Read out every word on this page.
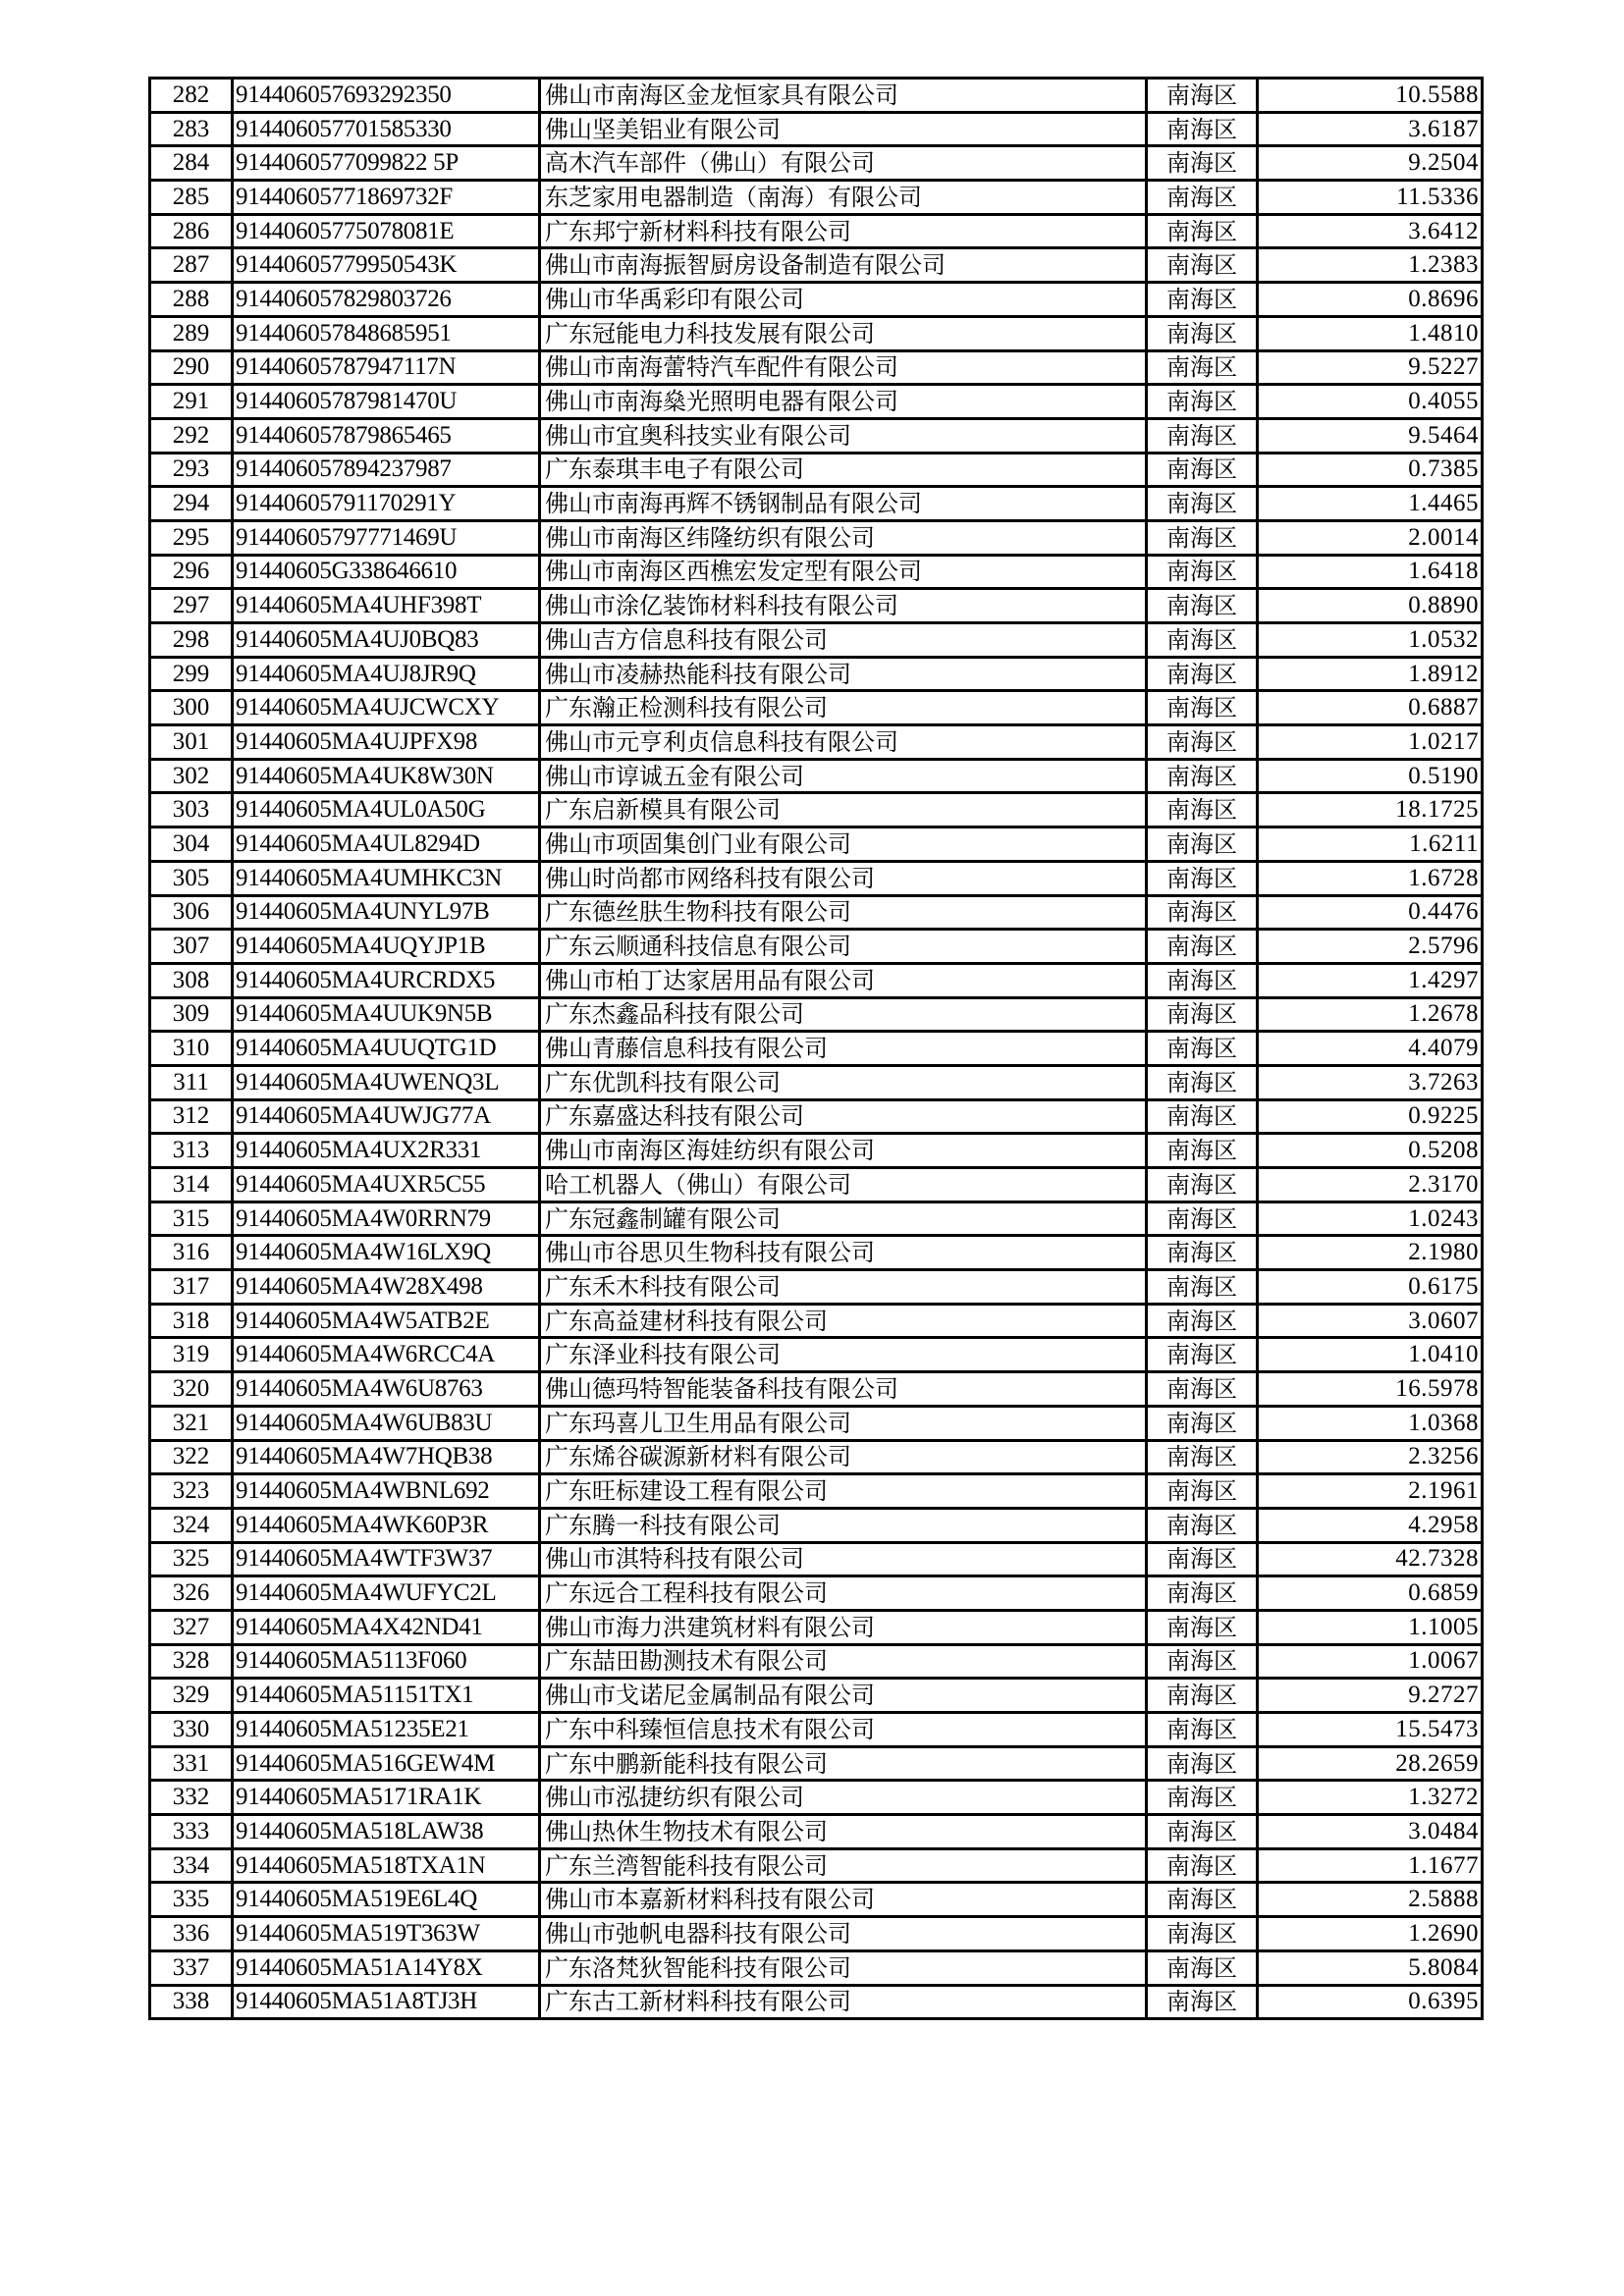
282	914406057693292350	佛山市南海区金龙恒家具有限公司	南海区	10.5588
283	914406057701585330	佛山坚美铝业有限公司	南海区	3.6187
284	9144060577099822 5P	高木汽车部件（佛山）有限公司	南海区	9.2504
285	91440605771869732F	东芝家用电器制造（南海）有限公司	南海区	11.5336
286	91440605775078081E	广东邦宁新材料科技有限公司	南海区	3.6412
287	91440605779950543K	佛山市南海振智厨房设备制造有限公司	南海区	1.2383
288	914406057829803726	佛山市华禹彩印有限公司	南海区	0.8696
289	914406057848685951	广东冠能电力科技发展有限公司	南海区	1.4810
290	91440605787947117N	佛山市南海蕾特汽车配件有限公司	南海区	9.5227
291	91440605787981470U	佛山市南海燊光照明电器有限公司	南海区	0.4055
292	914406057879865465	佛山市宜奥科技实业有限公司	南海区	9.5464
293	914406057894237987	广东泰琪丰电子有限公司	南海区	0.7385
294	91440605791170291Y	佛山市南海再辉不锈钢制品有限公司	南海区	1.4465
295	91440605797771469U	佛山市南海区纬隆纺织有限公司	南海区	2.0014
296	91440605G338646610	佛山市南海区西樵宏发定型有限公司	南海区	1.6418
297	91440605MA4UHF398T	佛山市涂亿装饰材料科技有限公司	南海区	0.8890
298	91440605MA4UJ0BQ83	佛山吉方信息科技有限公司	南海区	1.0532
299	91440605MA4UJ8JR9Q	佛山市凌赫热能科技有限公司	南海区	1.8912
300	91440605MA4UJCWCXY	广东瀚正检测科技有限公司	南海区	0.6887
301	91440605MA4UJPFX98	佛山市元亨利贞信息科技有限公司	南海区	1.0217
302	91440605MA4UK8W30N	佛山市谆诚五金有限公司	南海区	0.5190
303	91440605MA4UL0A50G	广东启新模具有限公司	南海区	18.1725
304	91440605MA4UL8294D	佛山市项固集创门业有限公司	南海区	1.6211
305	91440605MA4UMHKC3N	佛山时尚都市网络科技有限公司	南海区	1.6728
306	91440605MA4UNYL97B	广东德丝肤生物科技有限公司	南海区	0.4476
307	91440605MA4UQYJP1B	广东云顺通科技信息有限公司	南海区	2.5796
308	91440605MA4URCRDX5	佛山市柏丁达家居用品有限公司	南海区	1.4297
309	91440605MA4UUK9N5B	广东杰鑫品科技有限公司	南海区	1.2678
310	91440605MA4UUQTG1D	佛山青藤信息科技有限公司	南海区	4.4079
311	91440605MA4UWENQ3L	广东优凯科技有限公司	南海区	3.7263
312	91440605MA4UWJG77A	广东嘉盛达科技有限公司	南海区	0.9225
313	91440605MA4UX2R331	佛山市南海区海娃纺织有限公司	南海区	0.5208
314	91440605MA4UXR5C55	哈工机器人（佛山）有限公司	南海区	2.3170
315	91440605MA4W0RRN79	广东冠鑫制罐有限公司	南海区	1.0243
316	91440605MA4W16LX9Q	佛山市谷思贝生物科技有限公司	南海区	2.1980
317	91440605MA4W28X498	广东禾木科技有限公司	南海区	0.6175
318	91440605MA4W5ATB2E	广东高益建材科技有限公司	南海区	3.0607
319	91440605MA4W6RCC4A	广东泽业科技有限公司	南海区	1.0410
320	91440605MA4W6U8763	佛山德玛特智能装备科技有限公司	南海区	16.5978
321	91440605MA4W6UB83U	广东玛喜儿卫生用品有限公司	南海区	1.0368
322	91440605MA4W7HQB38	广东烯谷碳源新材料有限公司	南海区	2.3256
323	91440605MA4WBNL692	广东旺标建设工程有限公司	南海区	2.1961
324	91440605MA4WK60P3R	广东腾一科技有限公司	南海区	4.2958
325	91440605MA4WTF3W37	佛山市淇特科技有限公司	南海区	42.7328
326	91440605MA4WUFYC2L	广东远合工程科技有限公司	南海区	0.6859
327	91440605MA4X42ND41	佛山市海力洪建筑材料有限公司	南海区	1.1005
328	91440605MA5113F060	广东喆田勘测技术有限公司	南海区	1.0067
329	91440605MA51151TX1	佛山市戈诺尼金属制品有限公司	南海区	9.2727
330	91440605MA51235E21	广东中科臻恒信息技术有限公司	南海区	15.5473
331	91440605MA516GEW4M	广东中鹏新能科技有限公司	南海区	28.2659
332	91440605MA5171RA1K	佛山市泓捷纺织有限公司	南海区	1.3272
333	91440605MA518LAW38	佛山热休生物技术有限公司	南海区	3.0484
334	91440605MA518TXA1N	广东兰湾智能科技有限公司	南海区	1.1677
335	91440605MA519E6L4Q	佛山市本嘉新材料科技有限公司	南海区	2.5888
336	91440605MA519T363W	佛山市弛帆电器科技有限公司	南海区	1.2690
337	91440605MA51A14Y8X	广东洛梵狄智能科技有限公司	南海区	5.8084
338	91440605MA51A8TJ3H	广东古工新材料科技有限公司	南海区	0.6395
